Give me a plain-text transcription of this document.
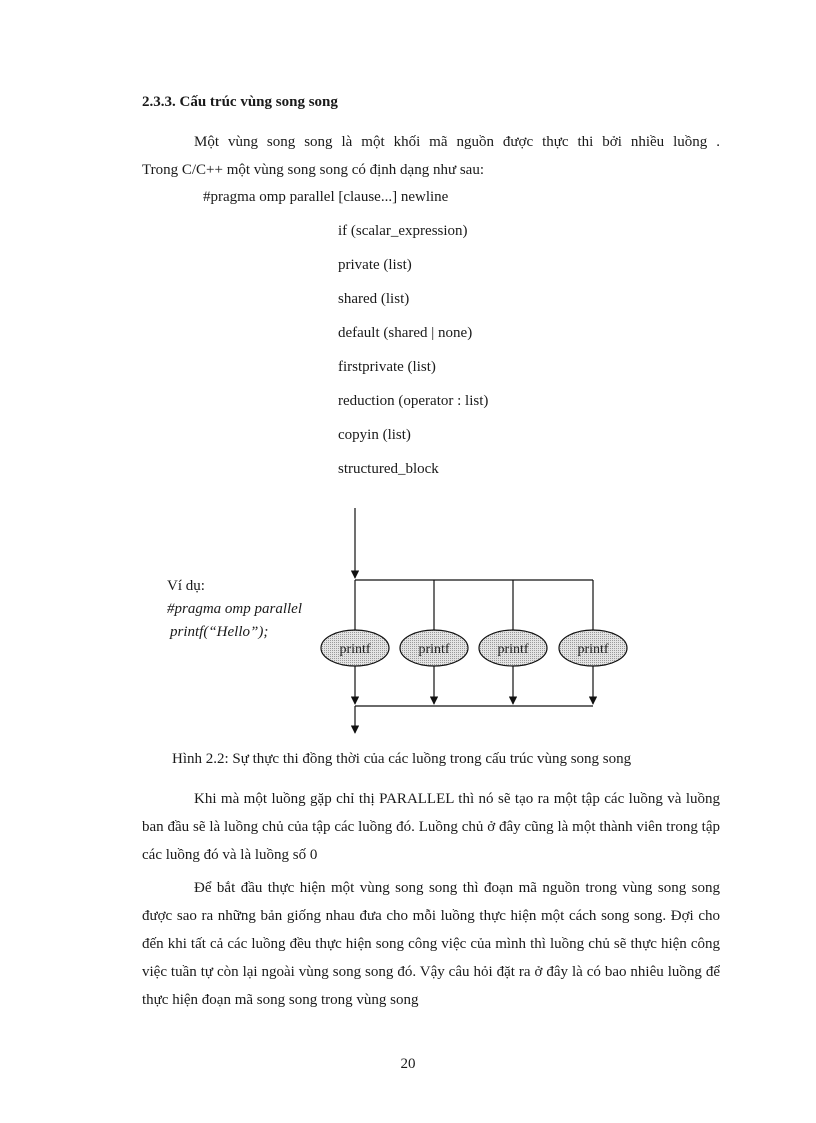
2.3.3. Cấu trúc vùng song song
Một vùng song song là một khối mã nguồn được thực thi bởi nhiều luồng .
Trong C/C++ một vùng song song có định dạng như sau:
#pragma omp parallel [clause...] newline
if (scalar_expression)
private (list)
shared (list)
default (shared | none)
firstprivate (list)
reduction (operator : list)
copyin (list)
structured_block
Ví dụ:
#pragma omp parallel
printf(“Hello”);
printf	printf	printf	printf
Hình 2.2: Sự thực thi đồng thời của các luồng trong cấu trúc vùng song song
Khi mà một luồng gặp chỉ thị PARALLEL thì nó sẽ tạo ra một tập các luồng và luồng ban đầu sẽ là luồng chủ của tập các luồng đó. Luồng chủ ở đây cũng là một thành viên trong tập các luồng đó và là luồng số 0
Để bắt đầu thực hiện một vùng song song thì đoạn mã nguồn trong vùng song song được sao ra những bản giống nhau đưa cho mỗi luồng thực hiện một cách song song. Đợi cho đến khi tất cả các luồng đều thực hiện song công việc của mình thì luồng chủ sẽ thực hiện công việc tuần tự còn lại ngoài vùng song song đó. Vậy câu hỏi đặt ra ở đây là có bao nhiêu luồng để thực hiện đoạn mã song song trong vùng song
20
